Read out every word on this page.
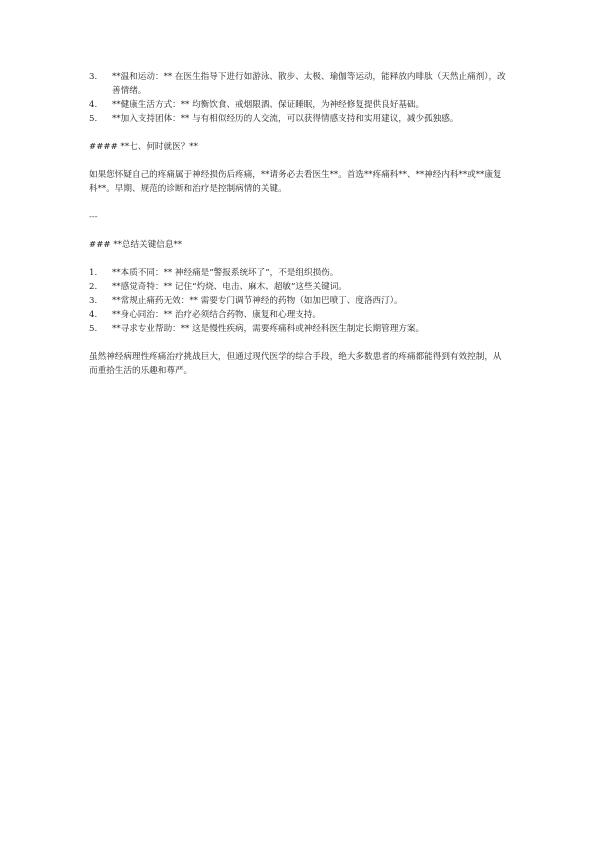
3. **温和运动：** 在医生指导下进行如游泳、散步、太极、瑜伽等运动，能释放内啡肽（天然止痛剂），改善情绪。
4. **健康生活方式：** 均衡饮食、戒烟限酒、保证睡眠，为神经修复提供良好基础。
5. **加入支持团体：** 与有相似经历的人交流，可以获得情感支持和实用建议，减少孤独感。
#### **七、何时就医？**
如果您怀疑自己的疼痛属于神经损伤后疼痛，**请务必去看医生**。首选**疼痛科**、**神经内科**或**康复科**。早期、规范的诊断和治疗是控制病情的关键。
---
### **总结关键信息**
1. **本质不同：** 神经痛是“警报系统坏了”，不是组织损伤。
2. **感觉奇特：** 记住“灼烧、电击、麻木、超敏”这些关键词。
3. **常规止痛药无效：** 需要专门调节神经的药物（如加巴喷丁、度洛西汀）。
4. **身心同治：** 治疗必须结合药物、康复和心理支持。
5. **寻求专业帮助：** 这是慢性疾病，需要疼痛科或神经科医生制定长期管理方案。
虽然神经病理性疼痛治疗挑战巨大，但通过现代医学的综合手段，绝大多数患者的疼痛都能得到有效控制，从而重拾生活的乐趣和尊严。
